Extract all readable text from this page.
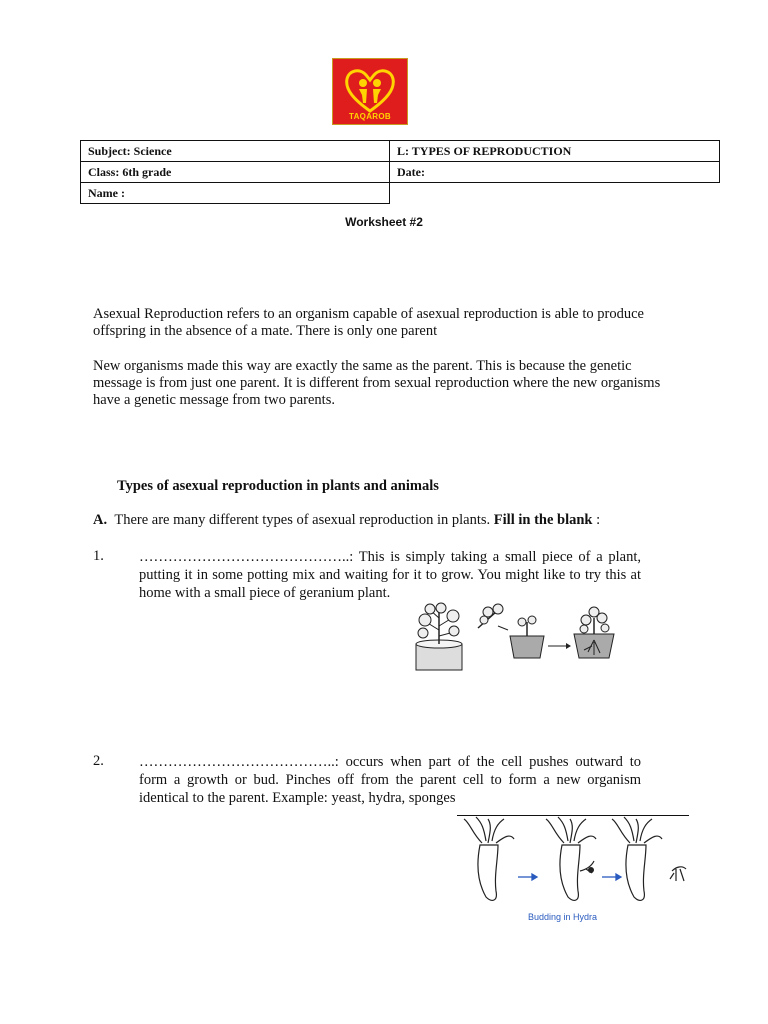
TAQAROB
Subject: Science	L: TYPES OF REPRODUCTION
Class: 6th grade	Date:
Name :	
Worksheet #2
Asexual Reproduction refers to an organism capable of asexual reproduction is able to produce offspring in the absence of a mate. There is only one parent
New organisms made this way are exactly the same as the parent. This is because the genetic message is from just one parent. It is different from sexual reproduction where the new organisms have a genetic message from two parents.
Types of asexual reproduction in plants and animals
A. There are many different types of asexual reproduction in plants. Fill in the blank :
1. ……………………………………..: This is simply taking a small piece of a plant, putting it in some potting mix and waiting for it to grow. You might like to try this at home with a small piece of geranium plant.
2. …………………………………..: occurs when part of the cell pushes outward to form a growth or bud. Pinches off from the parent cell to form a new organism identical to the parent. Example: yeast, hydra, sponges
Budding in Hydra
